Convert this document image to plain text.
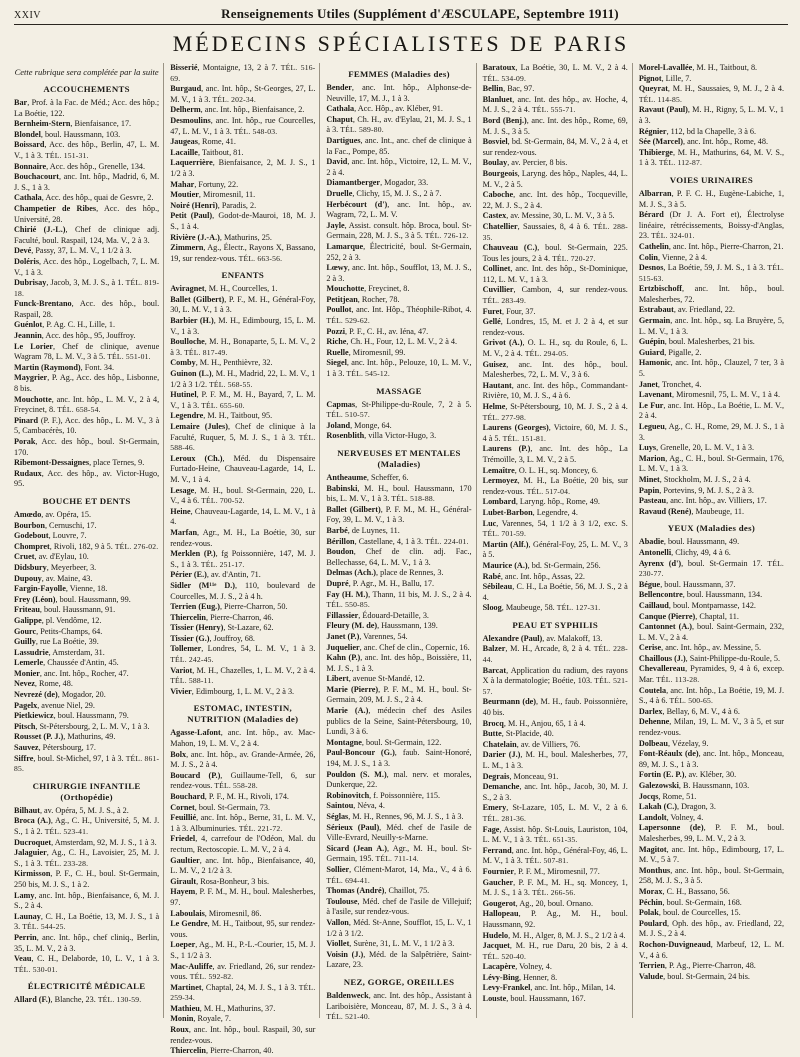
XXIV	Renseignements Utiles (Supplément d'ÆSCULAPE, Septembre 1911)
MÉDECINS SPÉCIALISTES DE PARIS
Cette rubrique sera complétée par la suite
ACCOUCHEMENTS
Bar, Prof. à la Fac. de Méd.; Acc. des hôp.; La Boétie, 122.
Bernheim-Stern, Bienfaisance, 17.
Blondel, boul. Haussmann, 103.
Boissard, Acc. des hôp., Berlin, 47, L. M. V., 1 à 3. TÉL. 151-31.
Bonnaire, Acc. des hôp., Grenelle, 134.
Bouchacourt, anc. Int. hôp., Madrid, 6, M. J. S., 1 à 3.
Cathala, Acc. des hôp., quai de Gesvre, 2.
Champetier de Ribes, Acc. des hôp., Université, 28.
Chirié (J.-L.), Chef de clinique adj. Faculté, boul. Raspail, 124, Ma. V., 2 à 3.
Devé, Passy, 37, L. M. V., 1 1/2 à 3.
Doléris, Acc. des hôp., Logelbach, 7, L. M. V., 1 à 3.
Dubrisay, Jacob, 3, M. J. S., à 1. TÉL. 819-18.
Funck-Brentano, Acc. des hôp., boul. Raspail, 28.
Guénlot, P. Ag. C. H., Lille, 1.
Jeannin, Acc. des hôp., 95, Jouffroy.
Le Lorier, Chef de clinique, avenue Wagram 78, L. M. V., 3 à 5. TÉL. 551-01.
Martin (Raymond), Font. 34.
Maygrier, P. Ag., Acc. des hôp., Lisbonne, 8 bis.
Mouchotte, anc. Int. hôp., L. M. V., 2 à 4, Freycinet, 8. TÉL. 658-54.
Pinard (P. F.), Acc. des hôp., L. M. V., 3 à 5, Cambacérès, 10.
Porak, Acc. des hôp., boul. St-Germain, 170.
Ribemont-Dessaignes, place Ternes, 9.
Rudaux, Acc. des hôp., av. Victor-Hugo, 95.
BOUCHE ET DENTS
Amœdo, av. Opéra, 15.
Bourbon, Cernuschi, 17.
Godebout, Louvre, 7.
Chompret, Rivoli, 182, 9 à 5. TÉL. 276-02.
Cruet, av. d'Eylau, 10.
Didsbury, Meyerbeer, 3.
Dupouy, av. Maine, 43.
Fargin-Fayolle, Vienne, 18.
Frey (Léon), boul. Haussmann, 99.
Friteau, boul. Haussmann, 91.
Galippe, pl. Vendôme, 12.
Gourc, Petits-Champs, 64.
Guilly, rue La Boétie, 39.
Lassudrie, Amsterdam, 31.
Lemerle, Chaussée d'Antin, 45.
Monier, anc. Int. hôp., Rocher, 47.
Nevez, Rome, 48.
Nevrezé (de), Mogador, 20.
Pagelx, avenue Niel, 29.
Pietkiewicz, boul. Haussmann, 79.
Pitsch, St-Pétersbourg, 2, L. M. V., 1 à 3.
Rousset (P. J.), Mathurins, 49.
Sauvez, Pétersbourg, 17.
Siffre, boul. St-Michel, 97, 1 à 3. TÉL. 861-85.
CHIRURGIE INFANTILE (Orthopédie)
Bilhaut, av. Opéra, 5, M. J. S., à 2.
Broca (A.), Ag., C. H., Université, 5, M. J. S., 1 à 2. TÉL. 523-41.
Ducroquet, Amsterdam, 92, M. J. S., 1 à 3.
Jalaguier, Ag., C. H., Lavoisier, 25, M. J. S., 1 à 3. TÉL. 233-28.
Kirmisson, P. F., C. H., boul. St-Germain, 250 bis, M. J. S., 1 à 2.
Lamy, anc. Int. hôp., Bienfaisance, 6, M. J. S., 2 à 4.
Launay, C. H., La Boétie, 13, M. J. S., 1 à 3. TÉL. 544-25.
Perrin, anc. Int. hôp., chef cliniq., Berlin, 35, L. M. V., 2 à 3.
Veau, C. H., Delaborde, 10, L. V., 1 à 3. TÉL. 530-01.
ÉLECTRICITÉ MÉDICALE
Allard (F.), Blanche, 23. TÉL. 130-59.
Bisserié, Montaigne, 13, 2 à 7. TÉL. 516-69.
Burgaud, anc. Int. hôp., St-Georges, 27, L. M. V., 1 à 3. TÉL. 202-34.
Delherm, anc. Int. hôp., Bienfaisance, 2.
Desmoulins, anc. Int. hôp., rue Courcelles, 47, L. M. V., 1 à 3. TÉL. 548-03.
Jaugeas, Rome, 41.
Lacaille, Taitbout, 81.
Laquerrière, Bienfaisance, 2, M. J. S., 1 1/2 à 3.
Mahar, Fortuny, 22.
Moutier, Miromesnil, 11.
Noiré (Henri), Paradis, 2.
Petit (Paul), Godot-de-Mauroi, 18, M. J. S., 1 à 4.
Rivière (J.-A.), Mathurins, 25.
Zimmern, Ag., Électr., Rayons X, Bassano, 19, sur rendez-vous. TÉL. 663-56.
ENFANTS
Aviragnet, M. H., Courcelles, 1.
Ballet (Gilbert), P. F., M. H., Général-Foy, 30, L. M. V., 1 à 3.
Barbier (H.), M. H., Edimbourg, 15, L. M. V., 1 à 3.
Boulloche, M. H., Bonaparte, 5, L. M. V., 2 à 3. TÉL. 817-49.
Comby, M. H., Penthièvre, 32.
Guinon (L.), M. H., Madrid, 22, L. M. V., 1 1/2 à 3 1/2. TÉL. 568-55.
Hutinel, P. F. M., M. H., Bayard, 7, L. M. V., 1 à 3. TÉL. 655-60.
Legendre, M. H., Taitbout, 95.
Lemaire (Jules), Chef de clinique à la Faculté, Ruquer, 5, M. J. S., 1 à 3. TÉL. 588-46.
Leroux (Ch.), Méd. du Dispensaire Furtado-Heine, Chauveau-Lagarde, 14, L. M. V., 1 à 4.
Lesage, M. H., boul. St-Germain, 220, L. V., 4 à 6. TÉL. 700-52.
Heine, Chauveau-Lagarde, 14, L. M. V., 1 à 4.
Marfan, Agr., M. H., La Boétie, 30, sur rendez-vous.
Merklen (P.), fg Poissonnière, 147, M. J. S., 1 à 3. TÉL. 251-17.
Périer (E.), av. d'Antin, 71.
Sidler (M¹¹ᵉ D.), 110, boulevard de Courcelles, M. J. S., 2 à 4 h.
Terrien (Eug.), Pierre-Charron, 50.
Thiercelin, Pierre-Charron, 46.
Tissier (Henry), St-Lazare, 62.
Tissier (G.), Jouffroy, 68.
Tollemer, Londres, 54, L. M. V., 1 à 3. TÉL. 242-45.
Variot, M. H., Chazelles, 1, L. M. V., 2 à 4. TÉL. 588-11.
Vivier, Edimbourg, 1, L. M. V., 2 à 3.
ESTOMAC, INTESTIN, NUTRITION (Maladies de)
Agasse-Lafont, anc. Int. hôp., av. Mac-Mahon, 19, L. M. V., 2 à 4.
Bolx, anc. Int. hôp., av. Grande-Armée, 26, M. J. S., 2 à 4.
Boucard (P.), Guillaume-Tell, 6, sur rendez-vous. TÉL. 558-28.
Bouchard, P. F., M. H., Rivoli, 174.
Cornet, boul. St-Germain, 73.
Feuillié, anc. Int. hôp., Berne, 31, L. M. V., 1 à 3. Albuminuries. TÉL. 221-72.
Friedel, 4, carrefour de l'Odéon, Mal. du rectum, Rectoscopie. L. M. V., 2 à 4.
Gaultier, anc. Int. hôp., Bienfaisance, 40, L. M. V., 2 1/2 à 3.
Girault, Rosa-Bonheur, 3 bis.
Hayem, P. F. M., M. H., boul. Malesherbes, 97.
Laboulais, Miromesnil, 86.
Le Gendre, M. H., Taitbout, 95, sur rendez-vous.
Loeper, Ag., M. H., P.-L.-Courier, 15, M. J. S., 1 1/2 à 3.
Mac-Auliffe, av. Friedland, 26, sur rendez-vous. TÉL. 592-82.
Martinet, Chaptal, 24, M. J. S., 1 à 3. TÉL. 259-34.
Mathieu, M. H., Mathurins, 37.
Monin, Royale, 7.
Roux, anc. Int. hôp., boul. Raspail, 30, sur rendez-vous.
Thiercelin, Pierre-Charron, 40.
FEMMES (Maladies des)
Bender, anc. Int. hôp., Alphonse-de-Neuville, 17, M. J., 1 à 3.
Cathala, Acc. Hôp., av. Kléber, 91.
Chaput, Ch. H., av. d'Eylau, 21, M. J. S., 1 à 3. TÉL. 589-80.
Dartigues, anc. Int., anc. chef de clinique à la Fac., Pompe, 85.
David, anc. Int. hôp., Victoire, 12, L. M. V., 2 à 4.
Diamantberger, Mogador, 33.
Druelle, Clichy, 15, M. J. S., 2 à 7.
Herbécourt (d'), anc. Int. hôp., av. Wagram, 72, L. M. V.
Jayle, Assist. consult. hôp. Broca, boul. St-Germain, 228, M. J. S., 3 à 5. TÉL. 726-12.
Lamarque, Électricité, boul. St-Germain, 252, 2 à 3.
Lœwy, anc. Int. hôp., Soufflot, 13, M. J. S., 2 à 3.
Mouchotte, Freycinet, 8.
Petitjean, Rocher, 78.
Poullot, anc. Int. Hôp., Théophile-Ribot, 4. TÉL. 529-62.
Pozzi, P. F., C. H., av. Iéna, 47.
Riche, Ch. H., Four, 12, L. M. V., 2 à 4.
Ruelle, Miromesnil, 99.
Siegel, anc. Int. hôp., Pelouze, 10, L. M. V., 1 à 3. TÉL. 545-12.
MASSAGE
Capmas, St-Philippe-du-Roule, 7, 2 à 5. TÉL. 510-57.
Joland, Monge, 64.
Rosenblith, villa Victor-Hugo, 3.
NERVEUSES ET MENTALES (Maladies)
Antheaume, Scheffer, 6.
Babinski, M. H., boul. Haussmann, 170 bis, L. M. V., 1 à 3. TÉL. 518-88.
Ballet (Gilbert), P. F. M., M. H., Général-Foy, 39, L. M. V., 1 à 3.
Barbé, de Luynes, 11.
Bérillon, Castellane, 4, 1 à 3. TÉL. 224-01.
Boudon, Chef de clin. adj. Fac., Bellechasse, 64, L. M. V., 1 à 3.
Delmas (Ach.), place de Rennes, 3.
Dupré, P. Agr., M. H., Ballu, 17.
Fay (H. M.), Thann, 11 bis, M. J. S., 2 à 4. TÉL. 550-85.
Fillassier, Édouard-Detaille, 3.
Fleury (M. de), Haussmann, 139.
Janet (P.), Varennes, 54.
Juquelier, anc. Chef de clin., Copernic, 16.
Kahn (P.), anc. Int. des hôp., Boissière, 11, M. J. S., 1 à 3.
Libert, avenue St-Mandé, 12.
Marie (Pierre), P. F. M., M. H., boul. St-Germain, 209, M. J. S., 2 à 4.
Marie (A.), médecin chef des Asiles publics de la Seine, Saint-Pétersbourg, 10, Lundi, 3 à 6.
Montagne, boul. St-Germain, 122.
Paul-Boncour (G.), faub. Saint-Honoré, 194, M. J. S., 1 à 3.
Pouldon (S. M.), mal. nerv. et morales, Dunkerque, 22.
Robinovitch, f. Poissonnière, 115.
Saintou, Néva, 4.
Séglas, M. H., Rennes, 96, M. J. S., 1 à 3.
Sérieux (Paul), Méd. chef de l'asile de Ville-Evrard, Neuilly-s-Marne.
Sicard (Jean A.), Agr., M. H., boul. St-Germain, 195. TÉL. 711-14.
Sollier, Clément-Marot, 14, Ma., V., 4 à 6. TÉL. 694-41.
Thomas (André), Chaillot, 75.
Toulouse, Méd. chef de l'asile de Villejuif; à l'asile, sur rendez-vous.
Vallon, Méd. St-Anne, Soufflot, 15, L. V., 1 1/2 à 3 1/2.
Viollet, Surène, 31, L. M. V., 1 1/2 à 3.
Voisin (J.), Méd. de la Salpêtrière, Saint-Lazare, 23.
NEZ, GORGE, OREILLES
Baldenweck, anc. Int. des hôp., Assistant à Lariboisière, Monceau, 87, M. J. S., 3 à 4. TÉL. 521-40.
Baratoux, La Boétie, 30, L. M. V., 2 à 4. TÉL. 534-09.
Bellin, Bac, 97.
Blanluet, anc. Int. des hôp., av. Hoche, 4, M. J. S., 2 à 4. TÉL. 555-71.
Bord (Benj.), anc. Int. des hôp., Rome, 69, M. J. S., 3 à 5.
Bosviel, bd. St-Germain, 84, M. V., 2 à 4, et sur rendez-vous.
Boulay, av. Percier, 8 bis.
Bourgeois, Laryng. des hôp., Naples, 44, L. M. V., 2 à 5.
Caboche, anc. Int. des hôp., Tocqueville, 22, M. J. S., 2 à 4.
Castex, av. Messine, 30, L. M. V., 3 à 5.
Chatellier, Saussaies, 8, 4 à 6. TÉL. 288-35.
Chauveau (C.), boul. St-Germain, 225. Tous les jours, 2 à 4. TÉL. 720-27.
Collinet, anc. Int. des hôp., St-Dominique, 112, L. M. V., 1 à 3.
Cuvillier, Cambon, 4, sur rendez-vous. TÉL. 283-49.
Furet, Four, 37.
Gellé, Londres, 15, M. et J. 2 à 4, et sur rendez-vous.
Grivot (A.), O. L. H., sq. du Roule, 6, L. M. V., 2 à 4. TÉL. 294-05.
Guisez, anc. Int. des hôp., boul. Malesherbes, 72, L. M. V., 3 à 6.
Hautant, anc. Int. des hôp., Commandant-Rivière, 10, M. J. S., 4 à 6.
Helme, St-Pétersbourg, 10, M. J. S., 2 à 4. TÉL. 277-98.
Laurens (Georges), Victoire, 60, M. J. S., 4 à 5. TÉL. 151-81.
Laurens (P.), anc. Int. des hôp., La Trémoïlle, 3, L. M. V., 2 à 5.
Lemaître, O. L. H., sq. Moncey, 6.
Lermoyez, M. H., La Boétie, 20 bis, sur rendez-vous. TÉL. 517-04.
Lombard, Laryng. hôp., Rome, 49.
Lubet-Barbon, Legendre, 4.
Luc, Varennes, 54, 1 1/2 à 3 1/2, exc. S. TÉL. 701-59.
Martin (Alf.), Général-Foy, 25, L. M. V., 3 à 5.
Maurice (A.), bd. St-Germain, 256.
Rabé, anc. Int. hôp., Assas, 22.
Sébileau, C. H., La Boétie, 56, M. J. S., 2 à 4.
Sloog, Maubeuge, 58. TÉL. 127-31.
PEAU ET SYPHILIS
Alexandre (Paul), av. Malakoff, 13.
Balzer, M. H., Arcade, 8, 2 à 4. TÉL. 228-44.
Barcat, Application du radium, des rayons X à la dermatologie; Boétie, 103. TÉL. 521-57.
Beurmann (de), M. H., faub. Poissonnière, 40 bis.
Brocq, M. H., Anjou, 65, 1 à 4.
Butte, St-Placide, 40.
Chatelain, av. de Villiers, 76.
Darier (J.), M. H., boul. Malesherbes, 77, L. M., 1 à 3.
Degrais, Monceau, 91.
Demanche, anc. Int. hôp., Jacob, 30, M. J. S., 2 à 3.
Emery, St-Lazare, 105, L. M. V., 2 à 6. TÉL. 281-36.
Fage, Assist. hôp. St-Louis, Lauriston, 104, L. M. V., 1 à 3. TÉL. 651-35.
Ferrand, anc. Int. hôp., Général-Foy, 46, L. M. V., 1 à 3. TÉL. 507-81.
Fournier, P. F. M., Miromesnil, 77.
Gaucher, P. F. M., M. H., sq. Moncey, 1, M. J. S., 1 à 3. TÉL. 266-56.
Gougerot, Ag., 20, boul. Ornano.
Hallopeau, P. Ag., M. H., boul. Haussmann, 92.
Hudelo, M. H., Alger, 8, M. J. S., 2 1/2 à 4.
Jacquet, M. H., rue Daru, 20 bis, 2 à 4. TÉL. 520-40.
Lacapère, Volney, 4.
Lévy-Bing, Henner, 8.
Levy-Frankel, anc. Int. hôp., Milan, 14.
Louste, boul. Haussmann, 167.
Morel-Lavallée, M. H., Taitbout, 8.
Pignot, Lille, 7.
Queyrat, M. H., Saussaies, 9, M. J., 2 à 4. TÉL. 114-85.
Ravaut (Paul), M. H., Rigny, 5, L. M. V., 1 à 3.
Régnier, 112, bd la Chapelle, 3 à 6.
Sée (Marcel), anc. Int. hôp., Rome, 48.
Thibierge, M. H., Mathurins, 64, M. V. S., 1 à 3. TÉL. 112-87.
VOIES URINAIRES
Albarran, P. F. C. H., Eugène-Labiche, 1, M. J. S., 3 à 5.
Bérard (Dr J. A. Fort et), Électrolyse linéaire, rétrécissements, Boissy-d'Anglas, 23. TÉL. 324-01.
Cathelin, anc. Int. hôp., Pierre-Charron, 21.
Colin, Vienne, 2 à 4.
Desnos, La Boétie, 59, J. M. S., 1 à 3. TÉL. 515-63.
Ertzbischoff, anc. Int. hôp., boul. Malesherbes, 72.
Estrabaut, av. Friedland, 22.
Germain, anc. Int. hôp., sq. La Bruyère, 5, L. M. V., 1 à 3.
Guépin, boul. Malesherbes, 21 bis.
Guiard, Pigalle, 2.
Hamonic, anc. Int. hôp., Clauzel, 7 ter, 3 à 5.
Janet, Tronchet, 4.
Lavenant, Miromesnil, 75, L. M. V., 1 à 4.
Le Fur, anc. Int. Hôp., La Boétie, L. M. V., 2 à 4.
Legueu, Ag., C. H., Rome, 29, M. J. S., 1 à 3.
Luys, Grenelle, 20, L. M. V., 1 à 3.
Marion, Ag., C. H., boul. St-Germain, 176, L. M. V., 1 à 3.
Minet, Stockholm, M. J. S., 2 à 4.
Papin, Portevins, 9, M. J. S., 2 à 3.
Pasteau, anc. Int. hôp., av. Villiers, 17.
Ravaud (René), Maubeuge, 11.
YEUX (Maladies des)
Abadie, boul. Haussmann, 49.
Antonelli, Clichy, 49, 4 à 6.
Ayrenx (d'), boul. St-Germain 17. TÉL. 230-77.
Bégue, boul. Haussmann, 37.
Bellencontre, boul. Haussmann, 134.
Caillaud, boul. Montparnasse, 142.
Canque (Pierre), Chaptal, 11.
Cantonnet (A.), boul. Saint-Germain, 232, L. M. V., 2 à 4.
Cerise, anc. Int. hôp., av. Messine, 5.
Chaillous (J.), Saint-Philippe-du-Roule, 5.
Chevallereau, Pyramides, 9, 4 à 6, excep. Mar. TÉL. 113-28.
Coutela, anc. Int. hôp., La Boétie, 19, M. J. S., 4 à 6. TÉL. 500-65.
Darlex, Bellay, 6, M. V., 4 à 6.
Dehenne, Milan, 19, L. M. V., 3 à 5, et sur rendez-vous.
Dolbeau, Vézelay, 9.
Font-Réaulx (de), anc. Int. hôp., Monceau, 89, M. J. S., 1 à 3.
Fortin (E. P.), av. Kléber, 30.
Galezowski, B. Haussmann, 103.
Jocqs, Rome, 51.
Lakah (C.), Dragon, 3.
Landolt, Volney, 4.
Lapersonne (de), P. F. M., boul. Malesherbes, 99, L. M. V., 2 à 3.
Magitot, anc. Int. hôp., Edimbourg, 17, L. M. V., 5 à 7.
Monthus, anc. Int. hôp., boul. St-Germain, 258, M. J. S., 3 à 5.
Morax, C. H., Bassano, 56.
Péchin, boul. St-Germain, 168.
Polak, boul. de Courcelles, 15.
Poulard, Oph. des hôp., av. Friedland, 22, M. J. S., 2 à 4.
Rochon-Duvigneaud, Marbeuf, 12, L. M. V., 4 à 6.
Terrien, P. Ag., Pierre-Charron, 48.
Valude, boul. St-Germain, 24 bis.
